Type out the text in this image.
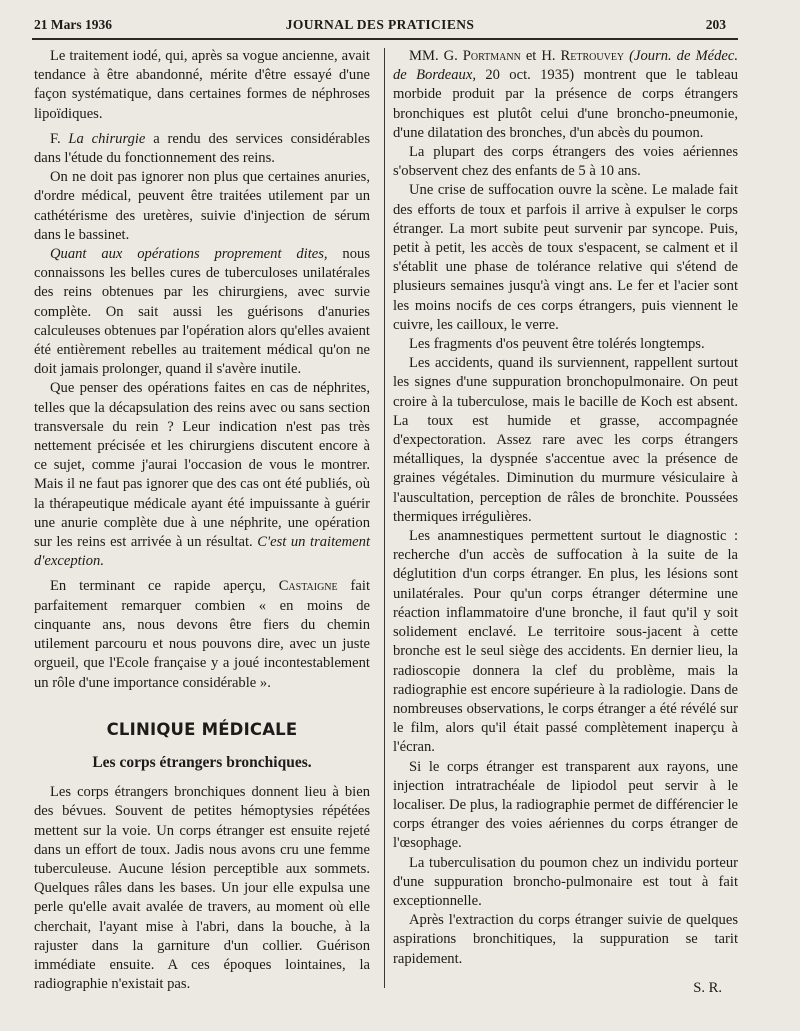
21 Mars 1936	JOURNAL DES PRATICIENS	203

Le traitement iodé, qui, après sa vogue ancienne, avait tendance à être abandonné, mérite d'être essayé d'une façon systématique, dans certaines formes de néphroses lipoïdiques.

F. La chirurgie a rendu des services considérables dans l'étude du fonctionnement des reins.

On ne doit pas ignorer non plus que certaines anuries, d'ordre médical, peuvent être traitées utilement par un cathétérisme des uretères, suivie d'injection de sérum dans le bassinet.

Quant aux opérations proprement dites, nous connaissons les belles cures de tuberculoses unilatérales des reins obtenues par les chirurgiens, avec survie complète. On sait aussi les guérisons d'anuries calculeuses obtenues par l'opération alors qu'elles avaient été entièrement rebelles au traitement médical qu'on ne doit jamais prolonger, quand il s'avère inutile.

Que penser des opérations faites en cas de néphrites, telles que la décapsulation des reins avec ou sans section transversale du rein ? Leur indication n'est pas très nettement précisée et les chirurgiens discutent encore à ce sujet, comme j'aurai l'occasion de vous le montrer. Mais il ne faut pas ignorer que des cas ont été publiés, où la thérapeutique médicale ayant été impuissante à guérir une anurie complète due à une néphrite, une opération sur les reins est arrivée à un résultat. C'est un traitement d'exception.

En terminant ce rapide aperçu, Castaigne fait parfaitement remarquer combien « en moins de cinquante ans, nous devons être fiers du chemin utilement parcouru et nous pouvons dire, avec un juste orgueil, que l'Ecole française y a joué incontestablement un rôle d'une importance considérable ».

CLINIQUE MÉDICALE
Les corps étrangers bronchiques.

Les corps étrangers bronchiques donnent lieu à bien des bévues. Souvent de petites hémoptysies répétées mettent sur la voie. Un corps étranger est ensuite rejeté dans un effort de toux. Jadis nous avons cru une femme tuberculeuse. Aucune lésion perceptible aux sommets. Quelques râles dans les bases. Un jour elle expulsa une perle qu'elle avait avalée de travers, au moment où elle cherchait, l'ayant mise à l'abri, dans la bouche, à la rajuster dans la garniture d'un collier. Guérison immédiate ensuite. A ces époques lointaines, la radiographie n'existait pas.

MM. G. Portmann et H. Retrouvey (Journ. de Médec. de Bordeaux, 20 oct. 1935) montrent que le tableau morbide produit par la présence de corps étrangers bronchiques est plutôt celui d'une broncho-pneumonie, d'une dilatation des bronches, d'un abcès du poumon.

La plupart des corps étrangers des voies aériennes s'observent chez des enfants de 5 à 10 ans.

Une crise de suffocation ouvre la scène. Le malade fait des efforts de toux et parfois il arrive à expulser le corps étranger. La mort subite peut survenir par syncope. Puis, petit à petit, les accès de toux s'espacent, se calment et il s'établit une phase de tolérance relative qui s'étend de plusieurs semaines jusqu'à vingt ans. Le fer et l'acier sont les moins nocifs de ces corps étrangers, puis viennent le cuivre, les cailloux, le verre.

Les fragments d'os peuvent être tolérés longtemps.

Les accidents, quand ils surviennent, rappellent surtout les signes d'une suppuration bronchopulmonaire. On peut croire à la tuberculose, mais le bacille de Koch est absent. La toux est humide et grasse, accompagnée d'expectoration. Assez rare avec les corps étrangers métalliques, la dyspnée s'accentue avec la présence de graines végétales. Diminution du murmure vésiculaire à l'auscultation, perception de râles de bronchite. Poussées thermiques irrégulières.

Les anamnestiques permettent surtout le diagnostic : recherche d'un accès de suffocation à la suite de la déglutition d'un corps étranger. En plus, les lésions sont unilatérales. Pour qu'un corps étranger détermine une réaction inflammatoire d'une bronche, il faut qu'il y soit solidement enclavé. Le territoire sous-jacent à cette bronche est le seul siège des accidents. En dernier lieu, la radioscopie donnera la clef du problème, mais la radiographie est encore supérieure à la radiologie. Dans de nombreuses observations, le corps étranger a été révélé sur le film, alors qu'il était passé complètement inaperçu à l'écran.

Si le corps étranger est transparent aux rayons, une injection intratrachéale de lipiodol peut servir à le localiser. De plus, la radiographie permet de différencier le corps étranger des voies aériennes du corps étranger de l'œsophage.

La tuberculisation du poumon chez un individu porteur d'une suppuration broncho-pulmonaire est tout à fait exceptionnelle.

Après l'extraction du corps étranger suivie de quelques aspirations bronchitiques, la suppuration se tarit rapidement.

S. R.
